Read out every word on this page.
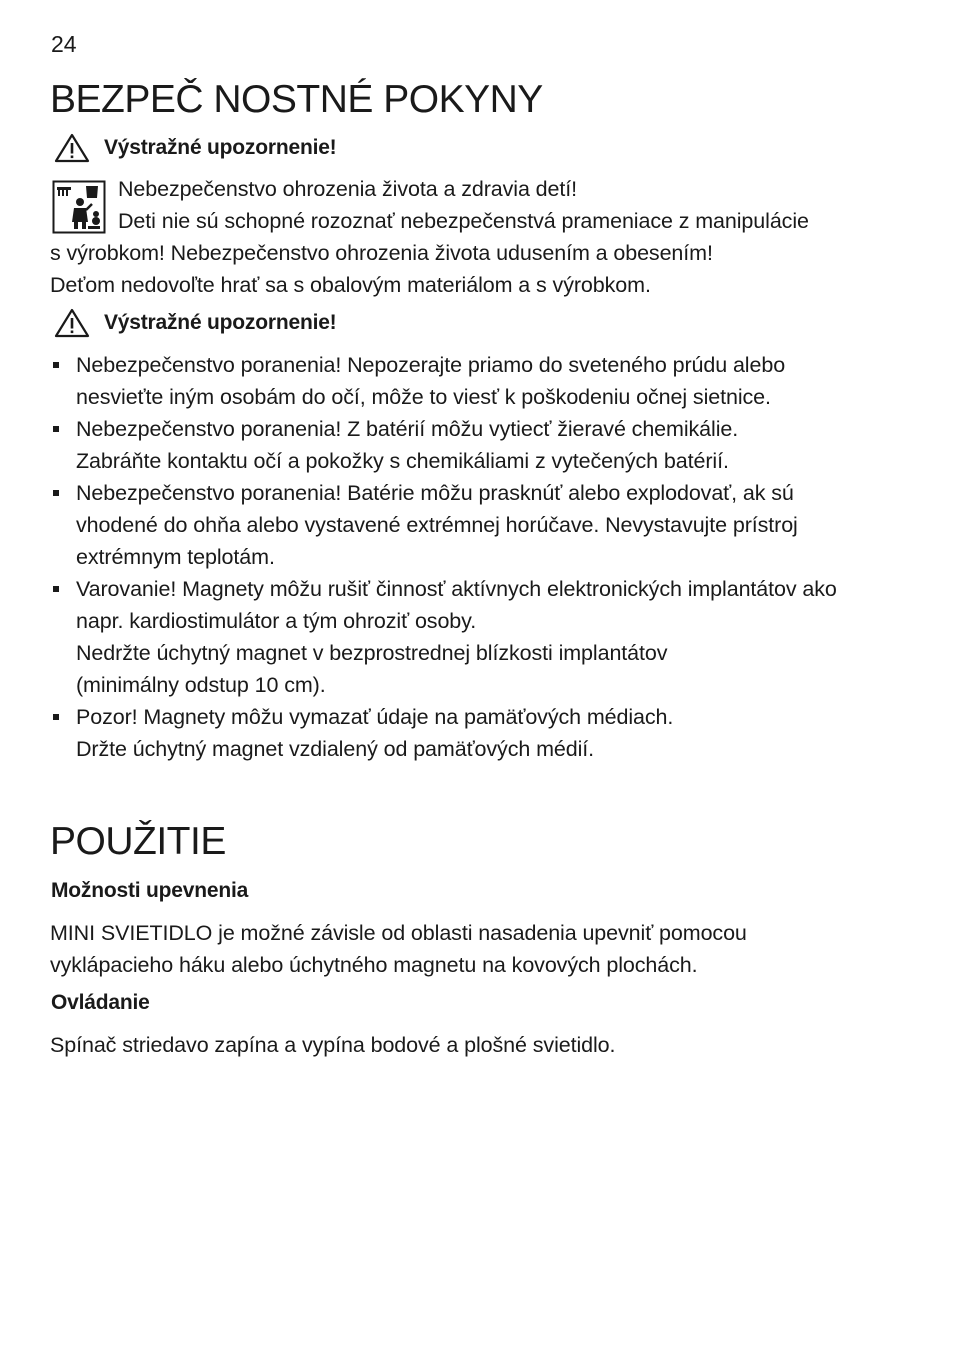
24
BEZPEČ NOSTNÉ POKYNY
Výstražné upozornenie!
Nebezpečenstvo ohrozenia života a zdravia detí!
Deti nie sú schopné rozoznať nebezpečenstvá prameniace z manipulácie
s výrobkom! Nebezpečenstvo ohrozenia života udusením a obesením!
Deťom nedovoľte hrať sa s obalovým materiálom a s výrobkom.
Výstražné upozornenie!
Nebezpečenstvo poranenia! Nepozerajte priamo do sveteného prúdu alebo
nesvieťte iným osobám do očí, môže to viesť k poškodeniu očnej sietnice.
Nebezpečenstvo poranenia! Z batérií môžu vytiecť žieravé chemikálie.
Zabráňte kontaktu očí a pokožky s chemikáliami z vytečených batérií.
Nebezpečenstvo poranenia! Batérie môžu prasknúť alebo explodovať, ak sú
vhodené do ohňa alebo vystavené extrémnej horúčave. Nevystavujte prístroj
extrémnym teplotám.
Varovanie! Magnety môžu rušiť činnosť aktívnych elektronických implantátov ako
napr. kardiostimulátor a tým ohroziť osoby.
Nedržte úchytný magnet v bezprostrednej blízkosti implantátov
(minimálny odstup 10 cm).
Pozor! Magnety môžu vymazať údaje na pamäťových médiach.
Držte úchytný magnet vzdialený od pamäťových médií.
POUŽITIE
Možnosti upevnenia
MINI SVIETIDLO je možné závisle od oblasti nasadenia upevniť pomocou
vyklápacieho háku alebo úchytného magnetu na kovových plochách.
Ovládanie
Spínač striedavo zapína a vypína bodové a plošné svietidlo.
